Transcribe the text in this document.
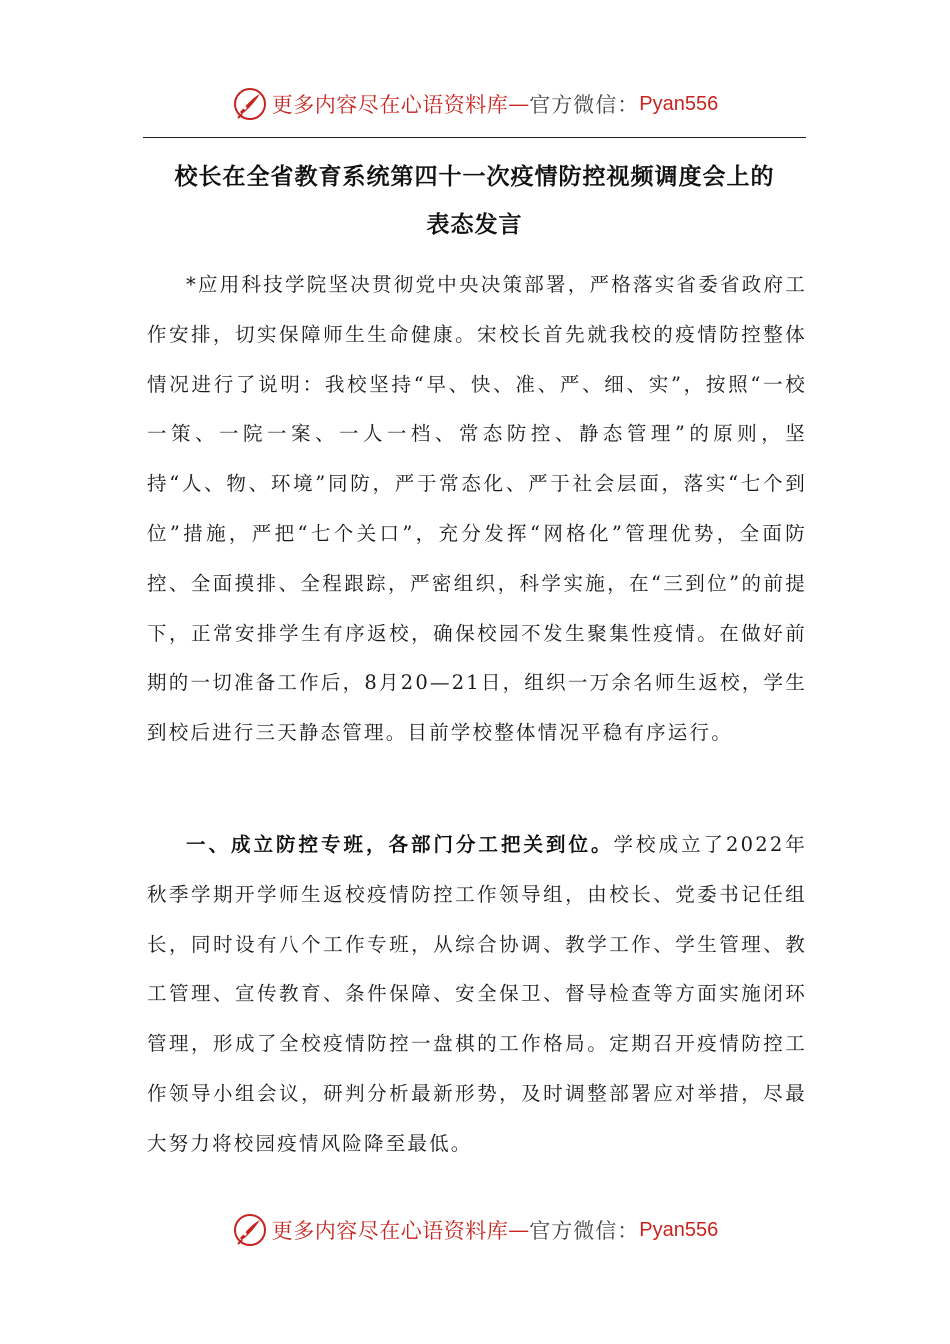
更多内容尽在心语资料库 — 官方微信： Pyan556
校长在全省教育系统第四十一次疫情防控视频调度会上的
表态发言

*应用科技学院坚决贯彻党中央决策部署，严格落实省委省政府工作安排，切实保障师生生命健康。宋校长首先就我校的疫情防控整体情况进行了说明：我校坚持“早、快、准、严、细、实”，按照“一校一策、一院一案、一人一档、常态防控、静态管理”的原则，坚持“人、物、环境”同防，严于常态化、严于社会层面，落实“七个到位”措施，严把“七个关口”，充分发挥“网格化”管理优势，全面防控、全面摸排、全程跟踪，严密组织，科学实施，在“三到位”的前提下，正常安排学生有序返校，确保校园不发生聚集性疫情。在做好前期的一切准备工作后，8月20—21日，组织一万余名师生返校，学生到校后进行三天静态管理。目前学校整体情况平稳有序运行。

一、成立防控专班，各部门分工把关到位。学校成立了2022年秋季学期开学师生返校疫情防控工作领导组，由校长、党委书记任组长，同时设有八个工作专班，从综合协调、教学工作、学生管理、教工管理、宣传教育、条件保障、安全保卫、督导检查等方面实施闭环管理，形成了全校疫情防控一盘棋的工作格局。定期召开疫情防控工作领导小组会议，研判分析最新形势，及时调整部署应对举措，尽最大努力将校园疫情风险降至最低。

更多内容尽在心语资料库 — 官方微信： Pyan556
